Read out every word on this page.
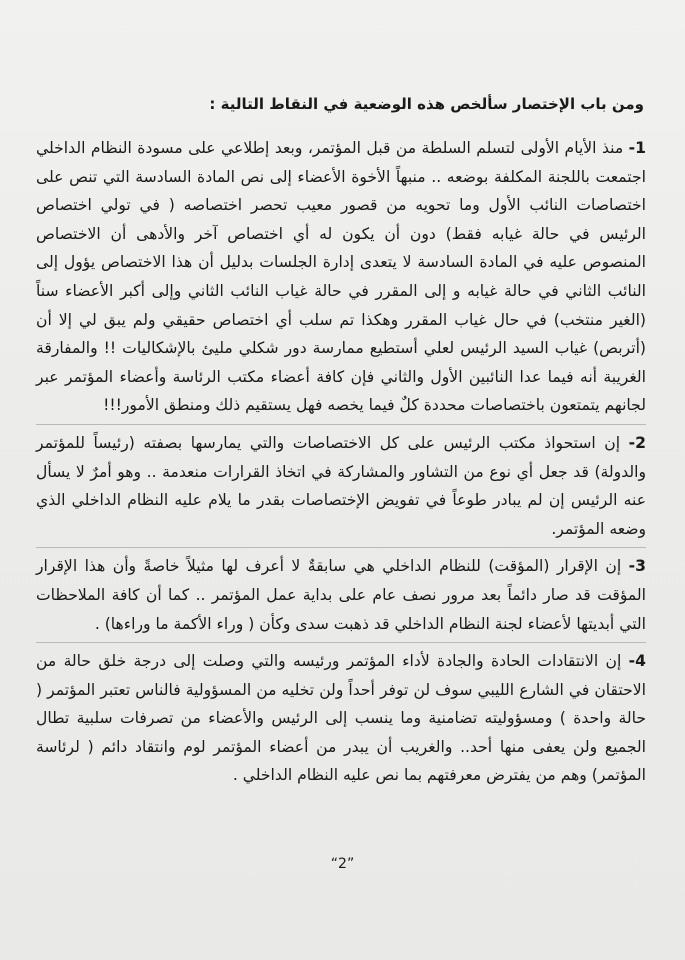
ومن باب الإختصار سألخص هذه الوضعية في النقاط التالية :

1- منذ الأيام الأولى لتسلم السلطة من قبل المؤتمر، وبعد إطلاعي على مسودة النظام الداخلي اجتمعت باللجنة المكلفة بوضعه .. منبهاً الأخوة الأعضاء إلى نص المادة السادسة التي تنص على اختصاصات النائب الأول وما تحويه من قصور معيب تحصر اختصاصه ( في تولي اختصاص الرئيس في حالة غيابه فقط) دون أن يكون له أي اختصاص آخر والأدهى أن الاختصاص المنصوص عليه في المادة السادسة لا يتعدى إدارة الجلسات بدليل أن هذا الاختصاص يؤول إلى النائب الثاني في حالة غيابه و إلى المقرر في حالة غياب النائب الثاني وإلى أكبر الأعضاء سناً (الغير منتخب) في حال غياب المقرر وهكذا تم سلب أي اختصاص حقيقي ولم يبق لي إلا أن (أتربص) غياب السيد الرئيس لعلي أستطيع ممارسة دور شكلي مليئ بالإشكاليات !! والمفارقة الغريبة أنه فيما عدا النائبين الأول والثاني فإن كافة أعضاء مكتب الرئاسة وأعضاء المؤتمر عبر لجانهم يتمتعون باختصاصات محددة كلٌ فيما يخصه فهل يستقيم ذلك ومنطق الأمور!!!

2- إن استحواذ مكتب الرئيس على كل الاختصاصات والتي يمارسها بصفته (رئيساً للمؤتمر والدولة) قد جعل أي نوع من التشاور والمشاركة في اتخاذ القرارات منعدمة .. وهو أمرٌ لا يسأل عنه الرئيس إن لم يبادر طوعاً في تفويض الإختصاصات بقدر ما يلام عليه النظام الداخلي الذي وضعه المؤتمر.

3- إن الإقرار (المؤقت) للنظام الداخلي هي سابقةٌ لا أعرف لها مثيلاً خاصةً وأن هذا الإقرار المؤقت قد صار دائماً بعد مرور نصف عام على بداية عمل المؤتمر .. كما أن كافة الملاحظات التي أبديتها لأعضاء لجنة النظام الداخلي قد ذهبت سدى وكأن ( وراء الأكمة ما وراءها) .

4- إن الانتقادات الحادة والجادة لأداء المؤتمر ورئيسه والتي وصلت إلى درجة خلق حالة من الاحتقان في الشارع الليبي سوف لن توفر أحداً ولن تخليه من المسؤولية فالناس تعتبر المؤتمر ( حالة واحدة ) ومسؤوليته تضامنية وما ينسب إلى الرئيس والأعضاء من تصرفات سلبية تطال الجميع ولن يعفى منها أحد.. والغريب أن يبدر من أعضاء المؤتمر لوم وانتقاد دائم ( لرئاسة المؤتمر) وهم من يفترض معرفتهم بما نص عليه النظام الداخلي .

“2”
